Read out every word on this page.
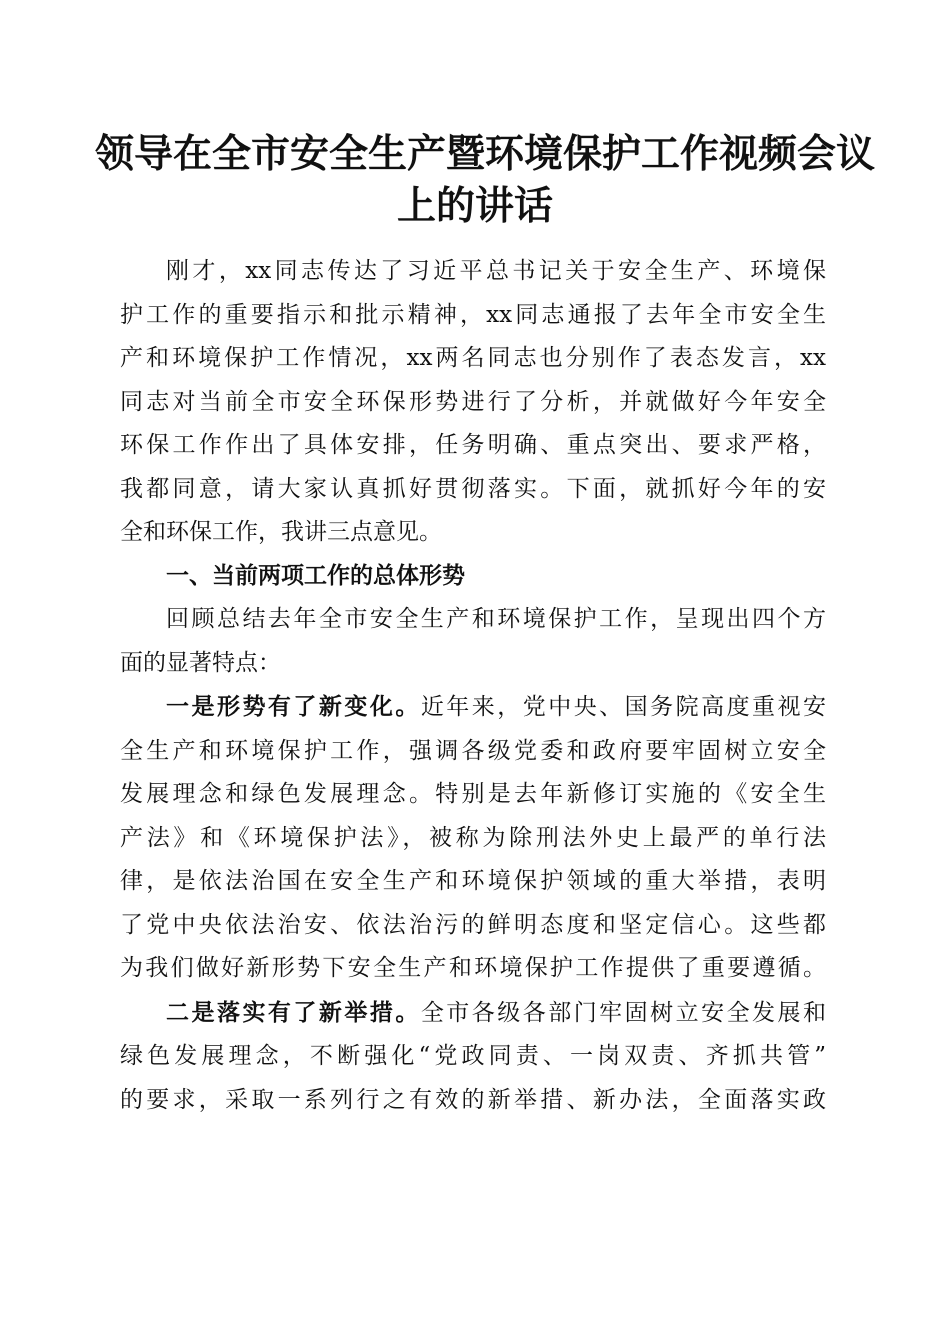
领导在全市安全生产暨环境保护工作视频会议
上的讲话

刚才，xx同志传达了习近平总书记关于安全生产、环境保
护工作的重要指示和批示精神，xx同志通报了去年全市安全生
产和环境保护工作情况，xx两名同志也分别作了表态发言，xx
同志对当前全市安全环保形势进行了分析，并就做好今年安全
环保工作作出了具体安排，任务明确、重点突出、要求严格，
我都同意，请大家认真抓好贯彻落实。下面，就抓好今年的安
全和环保工作，我讲三点意见。

一、当前两项工作的总体形势

回顾总结去年全市安全生产和环境保护工作，呈现出四个方
面的显著特点：

一是形势有了新变化。近年来，党中央、国务院高度重视安
全生产和环境保护工作，强调各级党委和政府要牢固树立安全
发展理念和绿色发展理念。特别是去年新修订实施的《安全生
产法》和《环境保护法》，被称为除刑法外史上最严的单行法
律，是依法治国在安全生产和环境保护领域的重大举措，表明
了党中央依法治安、依法治污的鲜明态度和坚定信心。这些都
为我们做好新形势下安全生产和环境保护工作提供了重要遵循。

二是落实有了新举措。全市各级各部门牢固树立安全发展和
绿色发展理念，不断强化“党政同责、一岗双责、齐抓共管”
的要求，采取一系列行之有效的新举措、新办法，全面落实政
